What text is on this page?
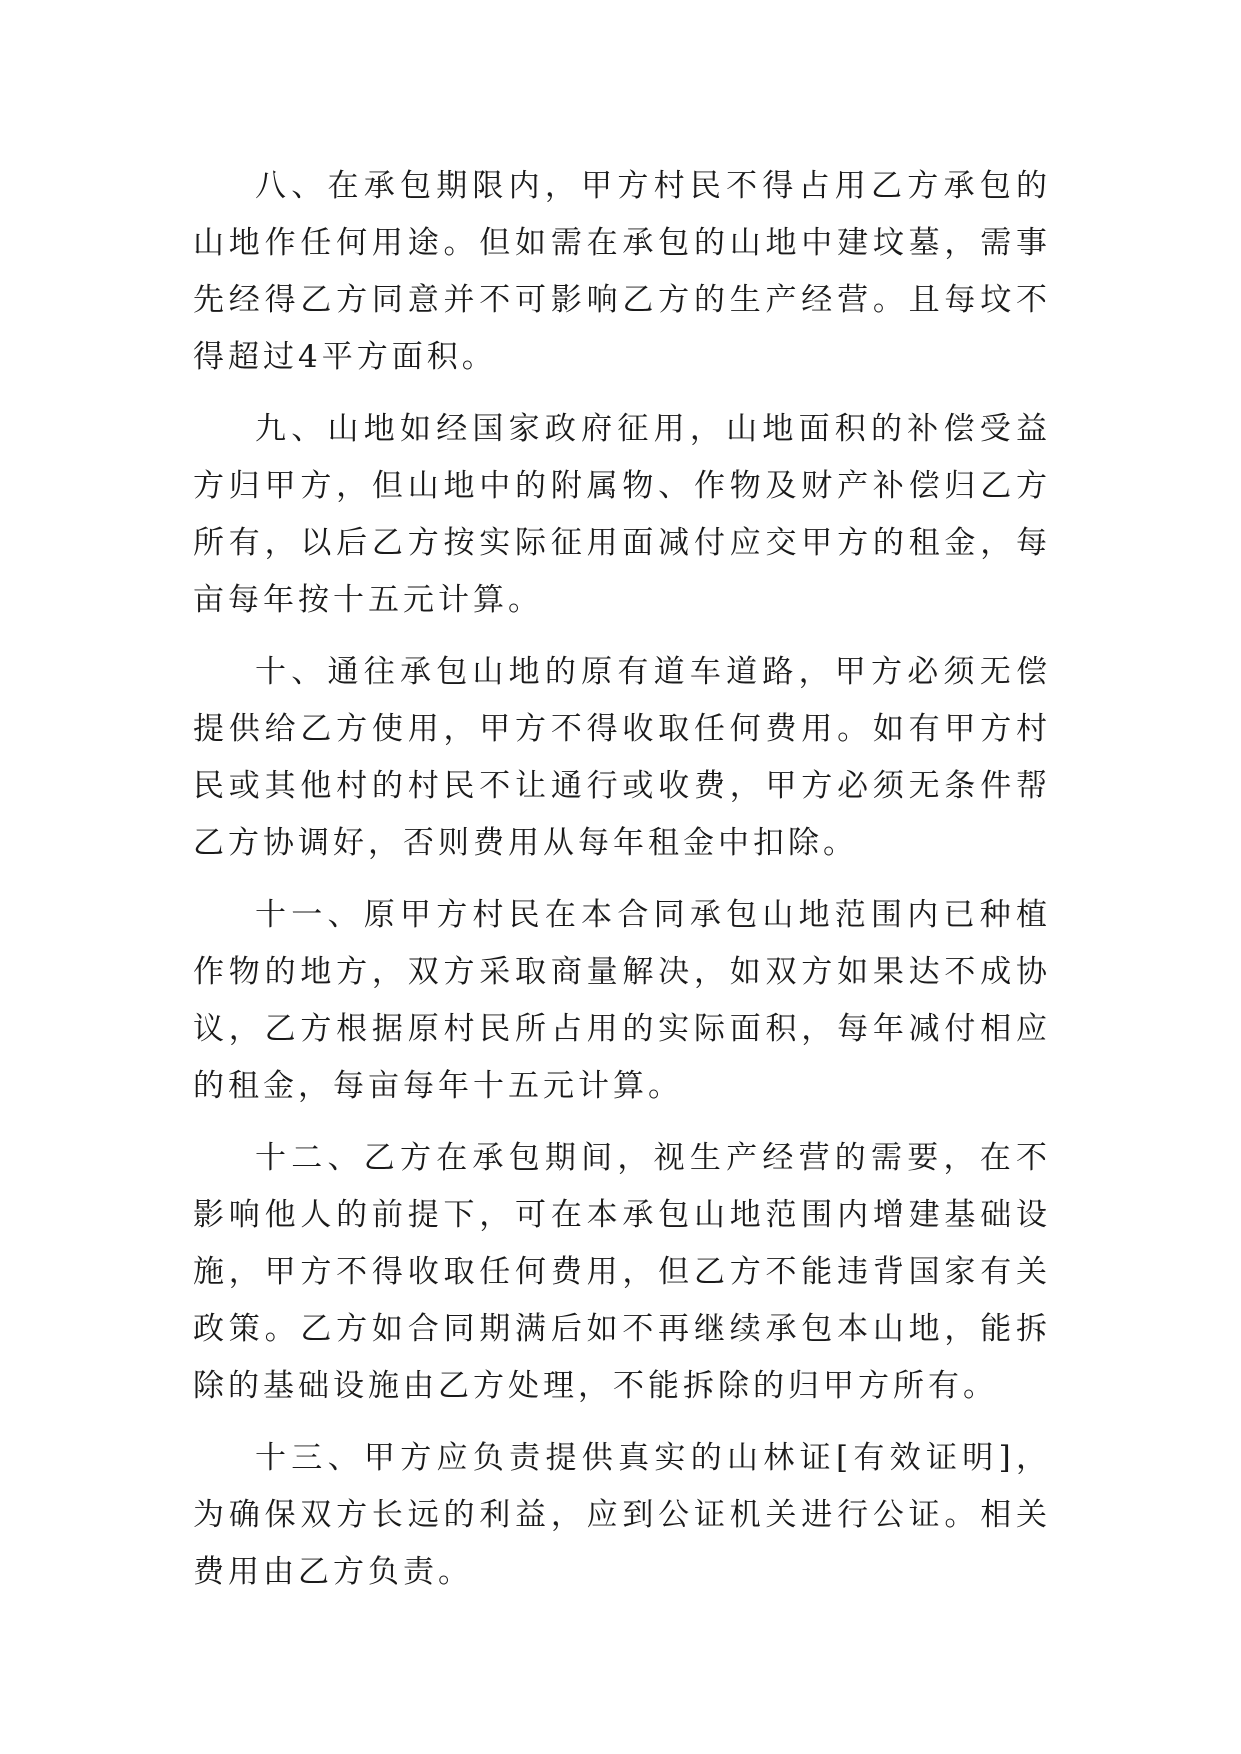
八、在承包期限内，甲方村民不得占用乙方承包的山地作任何用途。但如需在承包的山地中建坟墓，需事先经得乙方同意并不可影响乙方的生产经营。且每坟不得超过4平方面积。

九、山地如经国家政府征用，山地面积的补偿受益方归甲方，但山地中的附属物、作物及财产补偿归乙方所有，以后乙方按实际征用面减付应交甲方的租金，每亩每年按十五元计算。

十、通往承包山地的原有道车道路，甲方必须无偿提供给乙方使用，甲方不得收取任何费用。如有甲方村民或其他村的村民不让通行或收费，甲方必须无条件帮乙方协调好，否则费用从每年租金中扣除。

十一、原甲方村民在本合同承包山地范围内已种植作物的地方，双方采取商量解决，如双方如果达不成协议，乙方根据原村民所占用的实际面积，每年减付相应的租金，每亩每年十五元计算。

十二、乙方在承包期间，视生产经营的需要，在不影响他人的前提下，可在本承包山地范围内增建基础设施，甲方不得收取任何费用，但乙方不能违背国家有关政策。乙方如合同期满后如不再继续承包本山地，能拆除的基础设施由乙方处理，不能拆除的归甲方所有。

十三、甲方应负责提供真实的山林证[有效证明]，为确保双方长远的利益，应到公证机关进行公证。相关费用由乙方负责。
